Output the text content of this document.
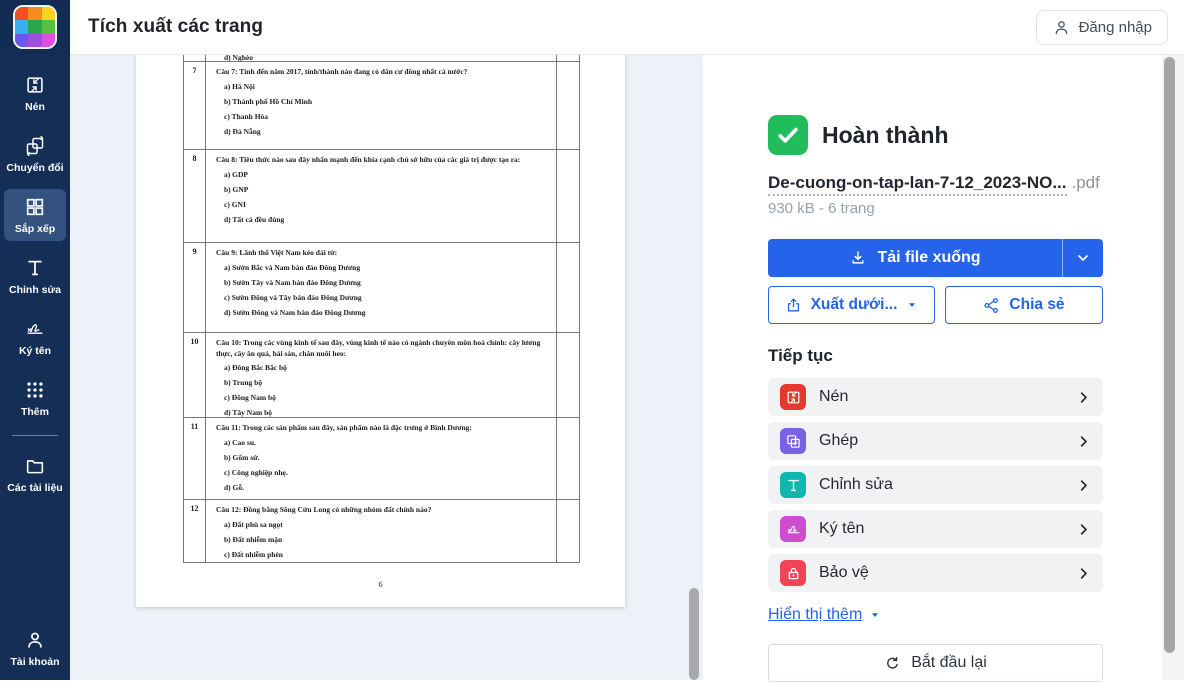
Tích xuất các trang	Đăng nhập
Nén
Chuyển đổi
Sắp xếp
Chỉnh sửa
Ký tên
Thêm
Các tài liệu
Tài khoản
d) Nghèo
7	Câu 7: Tính đến năm 2017, tỉnh/thành nào đang có dân cư đông nhất cả nước?
a) Hà Nội
b) Thành phố Hồ Chí Minh
c) Thanh Hóa
d) Đà Nẵng
8	Câu 8: Tiêu thức nào sau đây nhấn mạnh đến khía cạnh chủ sở hữu của các giá trị được tạo ra:
a) GDP
b) GNP
c) GNI
d) Tất cả đều đúng
9	Câu 9: Lãnh thổ Việt Nam kéo dài từ:
a) Sườn Bắc và Nam bán đảo Đông Dương
b) Sườn Tây và Nam bán đảo Đông Dương
c) Sườn Đông và Tây bán đảo Đông Dương
d) Sườn Đông và Nam bán đảo Đông Dương
10	Câu 10: Trong các vùng kinh tế sau đây, vùng kinh tế nào có ngành chuyên môn hoá chính: cây lương thực, cây ăn quả, hải sản, chăn nuôi heo:
a) Đông Bắc Bắc bộ
b) Trung bộ
c) Đông Nam bộ
d) Tây Nam bộ
11	Câu 11: Trong các sản phẩm sau đây, sản phẩm nào là đặc trưng ở Bình Dương:
a) Cao su.
b) Gốm sứ.
c) Công nghiệp nhẹ.
d) Gỗ.
12	Câu 12: Đồng bằng Sông Cửu Long có những nhóm đất chính nào?
a) Đất phù sa ngọt
b) Đất nhiễm mặn
c) Đất nhiễm phèn
6
Hoàn thành
De-cuong-on-tap-lan-7-12_2023-NO... .pdf
930 kB - 6 trang
Tải file xuống
Xuất dưới...	Chia sẻ
Tiếp tục
Nén
Ghép
Chỉnh sửa
Ký tên
Bảo vệ
Hiển thị thêm
Bắt đầu lại
